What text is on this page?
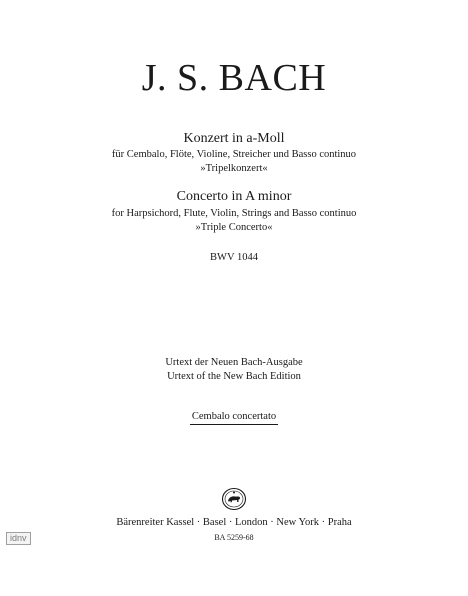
J. S. BACH
Konzert in a-Moll
für Cembalo, Flöte, Violine, Streicher und Basso continuo
»Tripelkonzert«
Concerto in A minor
for Harpsichord, Flute, Violin, Strings and Basso continuo
»Triple Concerto«
BWV 1044
Urtext der Neuen Bach-Ausgabe
Urtext of the New Bach Edition
Cembalo concertato
Bärenreiter Kassel · Basel · London · New York · Praha
BA 5259-68
idnv
